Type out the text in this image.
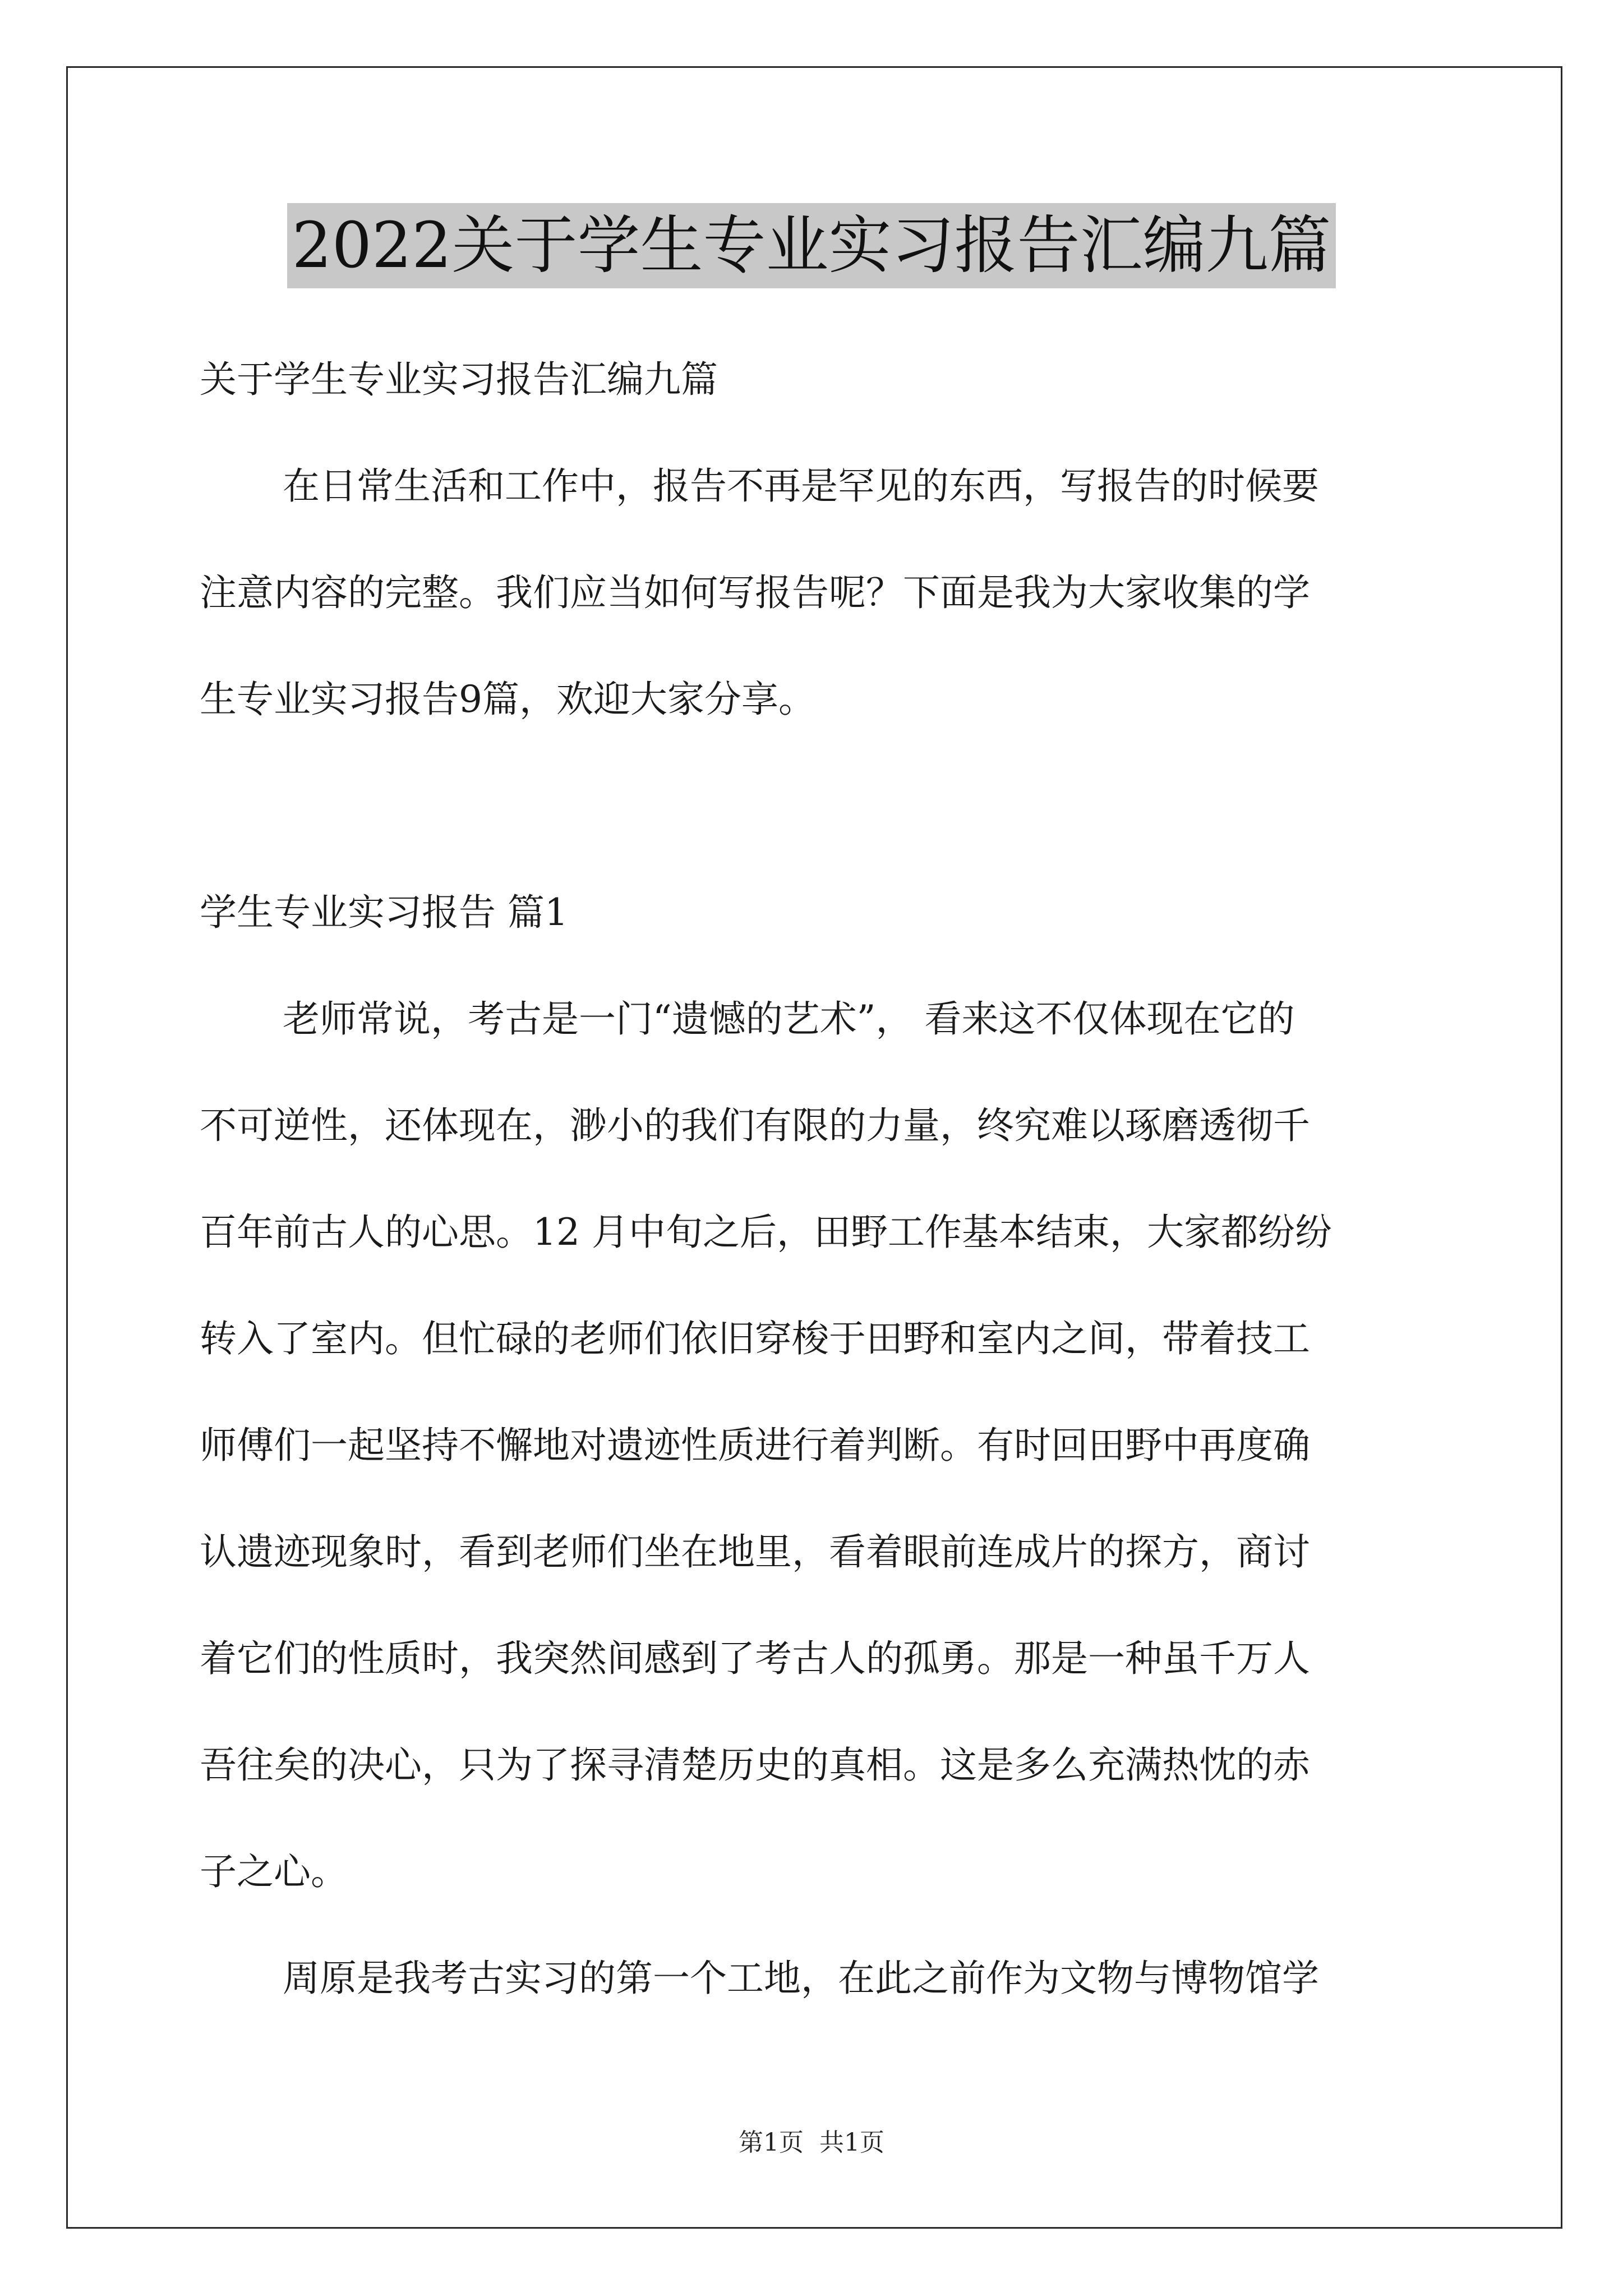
2022关于学生专业实习报告汇编九篇
关于学生专业实习报告汇编九篇
在日常生活和工作中，报告不再是罕见的东西，写报告的时候要
注意内容的完整。我们应当如何写报告呢？下面是我为大家收集的学
生专业实习报告9篇，欢迎大家分享。
学生专业实习报告 篇1
老师常说，考古是一门“遗憾的艺术”， 看来这不仅体现在它的
不可逆性，还体现在，渺小的我们有限的力量，终究难以琢磨透彻千
百年前古人的心思。12 月中旬之后，田野工作基本结束，大家都纷纷
转入了室内。但忙碌的老师们依旧穿梭于田野和室内之间，带着技工
师傅们一起坚持不懈地对遗迹性质进行着判断。有时回田野中再度确
认遗迹现象时，看到老师们坐在地里，看着眼前连成片的探方，商讨
着它们的性质时，我突然间感到了考古人的孤勇。那是一种虽千万人
吾往矣的决心，只为了探寻清楚历史的真相。这是多么充满热忱的赤
子之心。
周原是我考古实习的第一个工地，在此之前作为文物与博物馆学
第1页 共1页
